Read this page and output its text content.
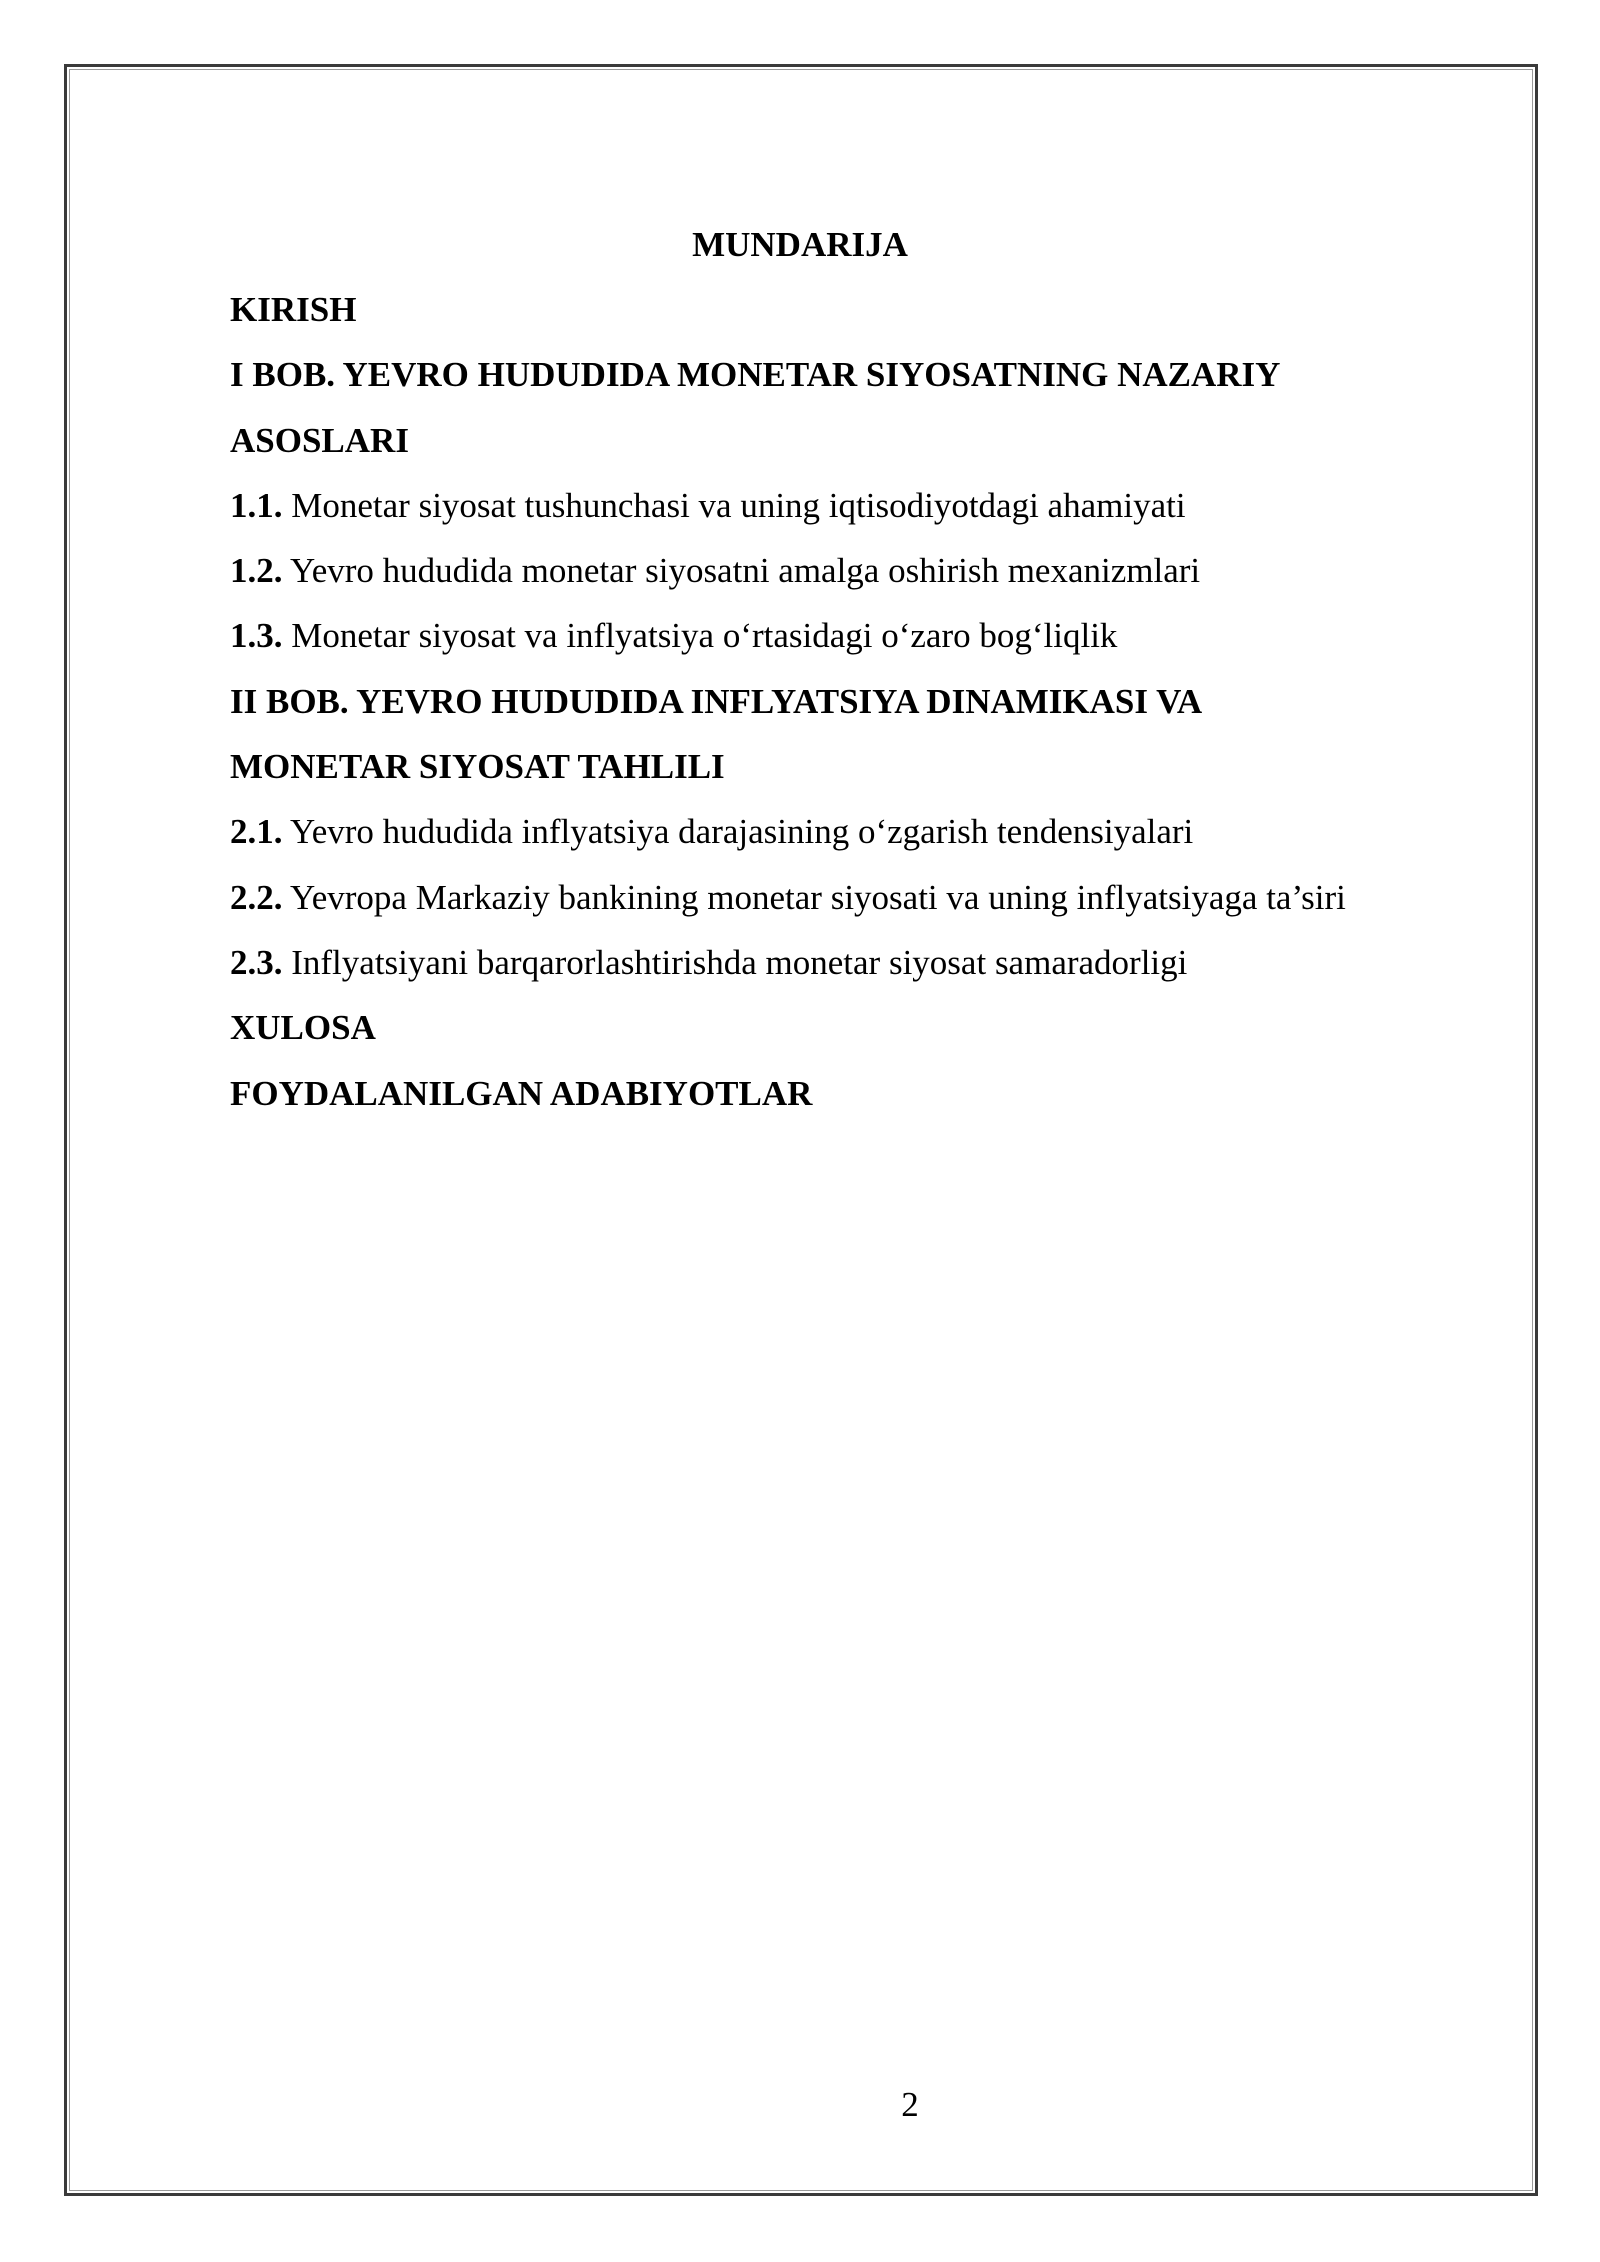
MUNDARIJA
KIRISH
I BOB. YEVRO HUDUDIDA MONETAR SIYOSATNING NAZARIY
ASOSLARI
1.1. Monetar siyosat tushunchasi va uning iqtisodiyotdagi ahamiyati
1.2. Yevro hududida monetar siyosatni amalga oshirish mexanizmlari
1.3. Monetar siyosat va inflyatsiya o‘rtasidagi o‘zaro bog‘liqlik
II BOB. YEVRO HUDUDIDA INFLYATSIYA DINAMIKASI VA
MONETAR SIYOSAT TAHLILI
2.1. Yevro hududida inflyatsiya darajasining o‘zgarish tendensiyalari
2.2. Yevropa Markaziy bankining monetar siyosati va uning inflyatsiyaga ta’siri
2.3. Inflyatsiyani barqarorlashtirishda monetar siyosat samaradorligi
XULOSA
FOYDALANILGAN ADABIYOTLAR
2
